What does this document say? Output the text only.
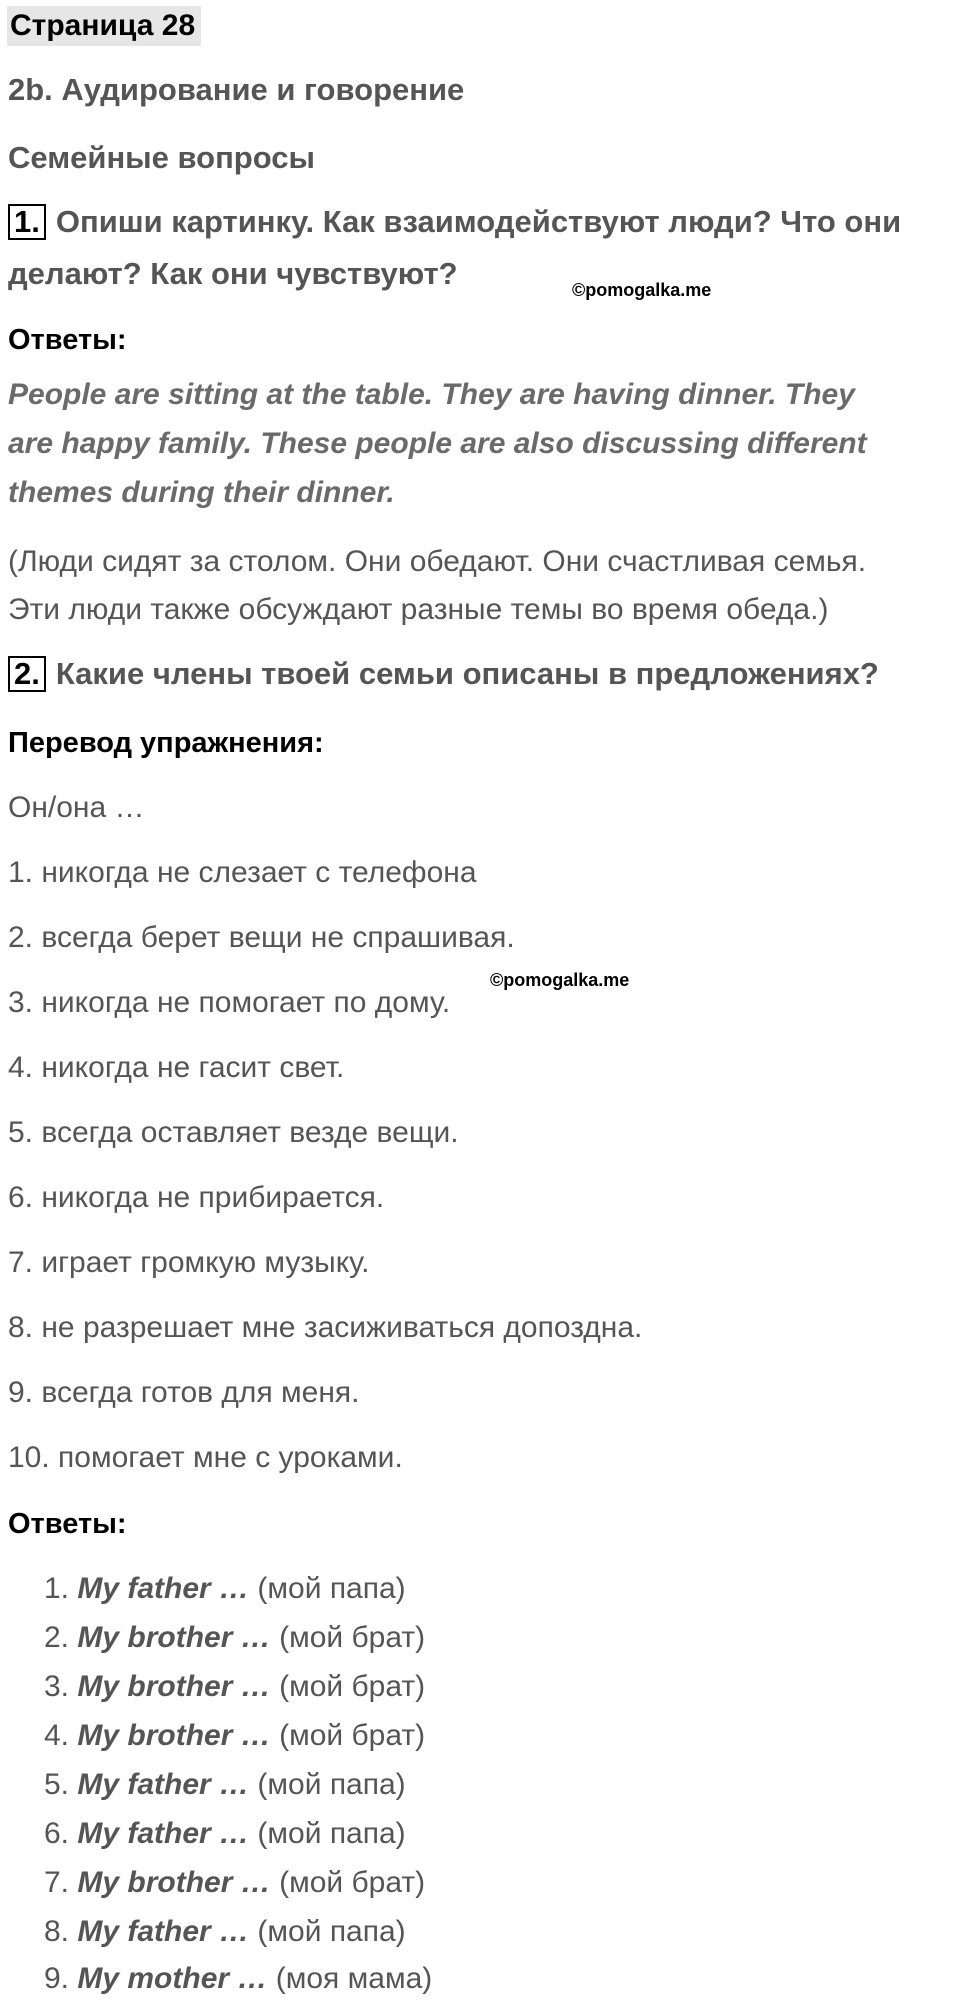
Страница 28
2b. Аудирование и говорение
Семейные вопросы
1. Опиши картинку. Как взаимодействуют люди? Что они
делают? Как они чувствуют?	©pomogalka.me
Ответы:
People are sitting at the table. They are having dinner. They
are happy family. These people are also discussing different
themes during their dinner.
(Люди сидят за столом. Они обедают. Они счастливая семья.
Эти люди также обсуждают разные темы во время обеда.)
2. Какие члены твоей семьи описаны в предложениях?
Перевод упражнения:
Он/она …
1. никогда не слезает с телефона
2. всегда берет вещи не спрашивая.
©pomogalka.me
3. никогда не помогает по дому.
4. никогда не гасит свет.
5. всегда оставляет везде вещи.
6. никогда не прибирается.
7. играет громкую музыку.
8. не разрешает мне засиживаться допоздна.
9. всегда готов для меня.
10. помогает мне с уроками.
Ответы:
1. My father … (мой папа)
2. My brother … (мой брат)
3. My brother … (мой брат)
4. My brother … (мой брат)
5. My father … (мой папа)
6. My father … (мой папа)
7. My brother … (мой брат)
8. My father … (мой папа)
9. My mother … (моя мама)
